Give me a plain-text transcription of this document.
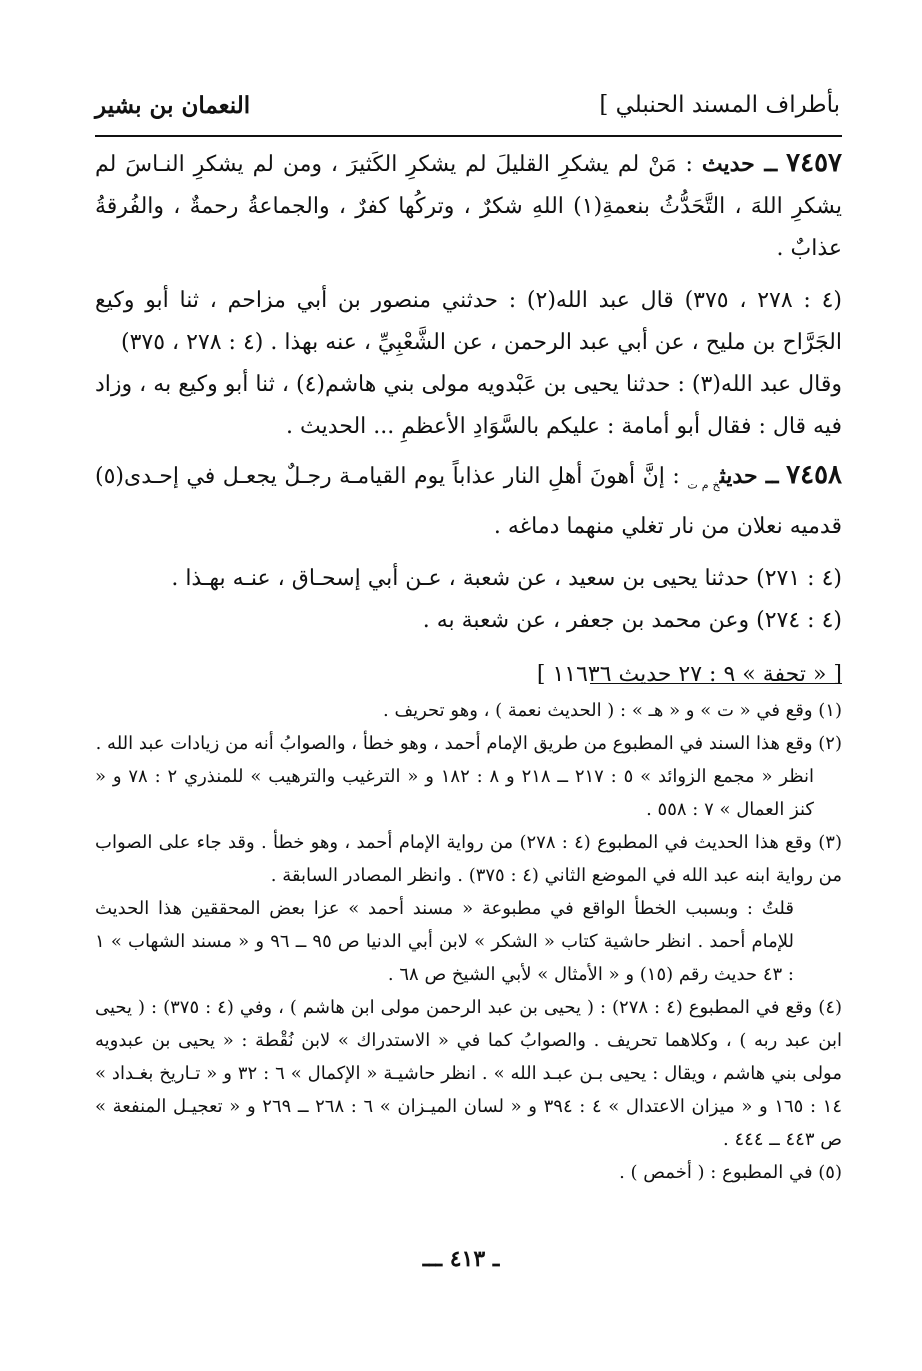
بأطراف المسند الحنبلي ]
النعمان بن بشير

٧٤٥٧ ــ حديث : مَنْ لم يشكرِ القليلَ لم يشكرِ الكَثيرَ ، ومن لم يشكرِ النـاسَ لم يشكرِ اللهَ ، التَّحَدُّثُ بنعمةِ(١) اللهِ شكرٌ ، وتركُها كفرٌ ، والجماعةُ رحمةٌ ، والفُرقةُ عذابٌ .

(٤ : ٢٧٨ ، ٣٧٥) قال عبد الله(٢) : حدثني منصور بن أبي مزاحم ، ثنا أبو وكيع الجَرَّاح بن مليح ، عن أبي عبد الرحمن ، عن الشَّعْبِيِّ ، عنه بهذا . (٤ : ٢٧٨ ، ٣٧٥)

وقال عبد الله(٣) : حدثنا يحيى بن عَبْدويه مولى بني هاشم(٤) ، ثنا أبو وكيع به ، وزاد فيه قال : فقال أبو أمامة : عليكم بالسَّوَادِ الأعظمِ ... الحديث .

٧٤٥٨ ــ حديث$_{خ م ت}$ : إنَّ أهونَ أهلِ النار عذاباً يوم القيامـة رجـلٌ يجعـل في إحـدى(٥) قدميه نعلان من نار تغلي منهما دماغه .

(٤ : ٢٧١) حدثنا يحيى بن سعيد ، عن شعبة ، عـن أبي إسحـاق ، عنـه بهـذا .

(٤ : ٢٧٤) وعن محمد بن جعفر ، عن شعبة به .

[ « تحفة » ٩ : ٢٧ حديث ١١٦٣٦ ]

(١) وقع في « ت » و « هـ » : ( الحديث نعمة ) ، وهو تحريف .

(٢) وقع هذا السند في المطبوع من طريق الإمام أحمد ، وهو خطأ ، والصوابُ أنه من زيادات عبد الله .

انظر « مجمع الزوائد » ٥ : ٢١٧ ــ ٢١٨ و ٨ : ١٨٢ و « الترغيب والترهيب » للمنذري ٢ : ٧٨ و « كنز العمال » ٧ : ٥٥٨ .

(٣) وقع هذا الحديث في المطبوع (٤ : ٢٧٨) من رواية الإمام أحمد ، وهو خطأ . وقد جاء على الصواب من رواية ابنه عبد الله في الموضع الثاني (٤ : ٣٧٥) . وانظر المصادر السابقة .

قلتُ : وبسبب الخطأ الواقع في مطبوعة « مسند أحمد » عزا بعض المحققين هذا الحديث للإمام أحمد . انظر حاشية كتاب « الشكر » لابن أبي الدنيا ص ٩٥ ــ ٩٦ و « مسند الشهاب » ١ : ٤٣ حديث رقم (١٥) و « الأمثال » لأبي الشيخ ص ٦٨ .

(٤) وقع في المطبوع (٤ : ٢٧٨) : ( يحيى بن عبد الرحمن مولى ابن هاشم ) ، وفي (٤ : ٣٧٥) : ( يحيى ابن عبد ربه ) ، وكلاهما تحريف . والصوابُ كما في « الاستدراك » لابن نُقْطة : « يحيى بن عبدويه مولى بني هاشم ، ويقال : يحيى بـن عبـد الله » . انظر حاشيـة « الإكمال » ٦ : ٣٢ و « تـاريخ بغـداد » ١٤ : ١٦٥ و « ميزان الاعتدال » ٤ : ٣٩٤ و « لسان الميـزان » ٦ : ٢٦٨ ــ ٢٦٩ و « تعجيـل المنفعة » ص ٤٤٣ ــ ٤٤٤ .

(٥) في المطبوع : ( أخمص ) .

ـ ٤١٣ ـــ
